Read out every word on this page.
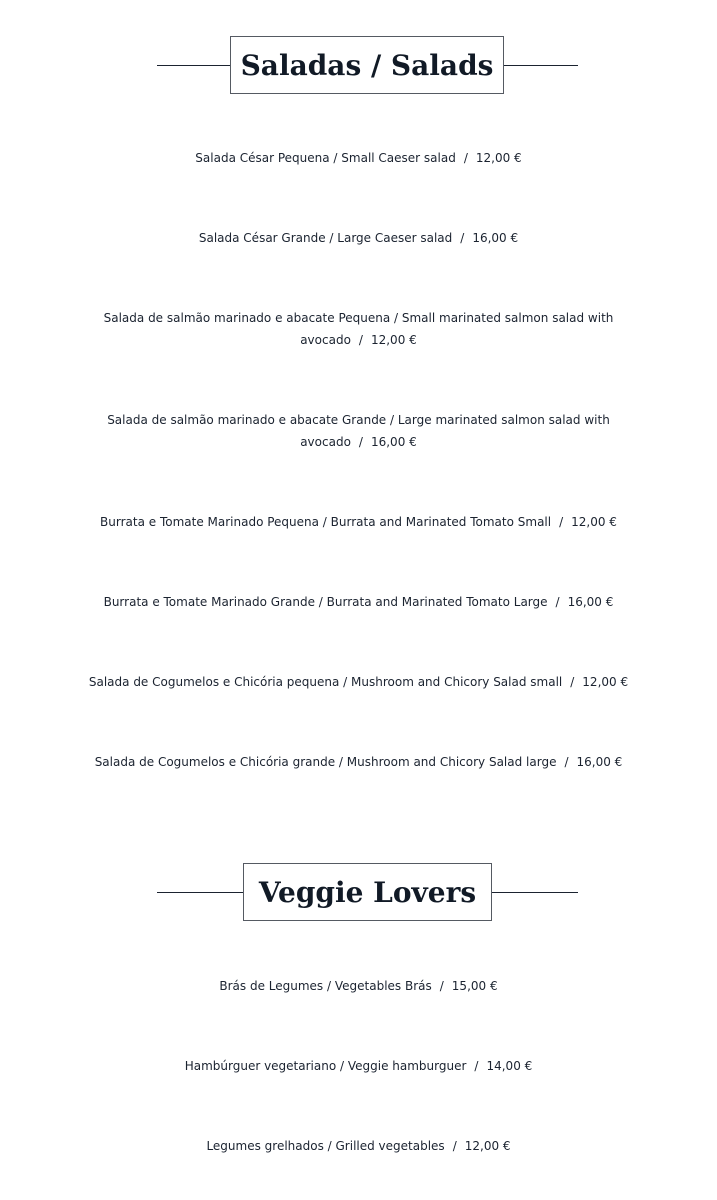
Saladas / Salads
Salada César Pequena / Small Caeser salad / 12,00 €
Salada César Grande / Large Caeser salad / 16,00 €
Salada de salmão marinado e abacate Pequena / Small marinated salmon salad with avocado / 12,00 €
Salada de salmão marinado e abacate Grande / Large marinated salmon salad with avocado / 16,00 €
Burrata e Tomate Marinado Pequena / Burrata and Marinated Tomato Small / 12,00 €
Burrata e Tomate Marinado Grande / Burrata and Marinated Tomato Large / 16,00 €
Salada de Cogumelos e Chicória pequena / Mushroom and Chicory Salad small / 12,00 €
Salada de Cogumelos e Chicória grande / Mushroom and Chicory Salad large / 16,00 €
Veggie Lovers
Brás de Legumes / Vegetables Brás / 15,00 €
Hambúrguer vegetariano / Veggie hamburguer / 14,00 €
Legumes grelhados / Grilled vegetables / 12,00 €
